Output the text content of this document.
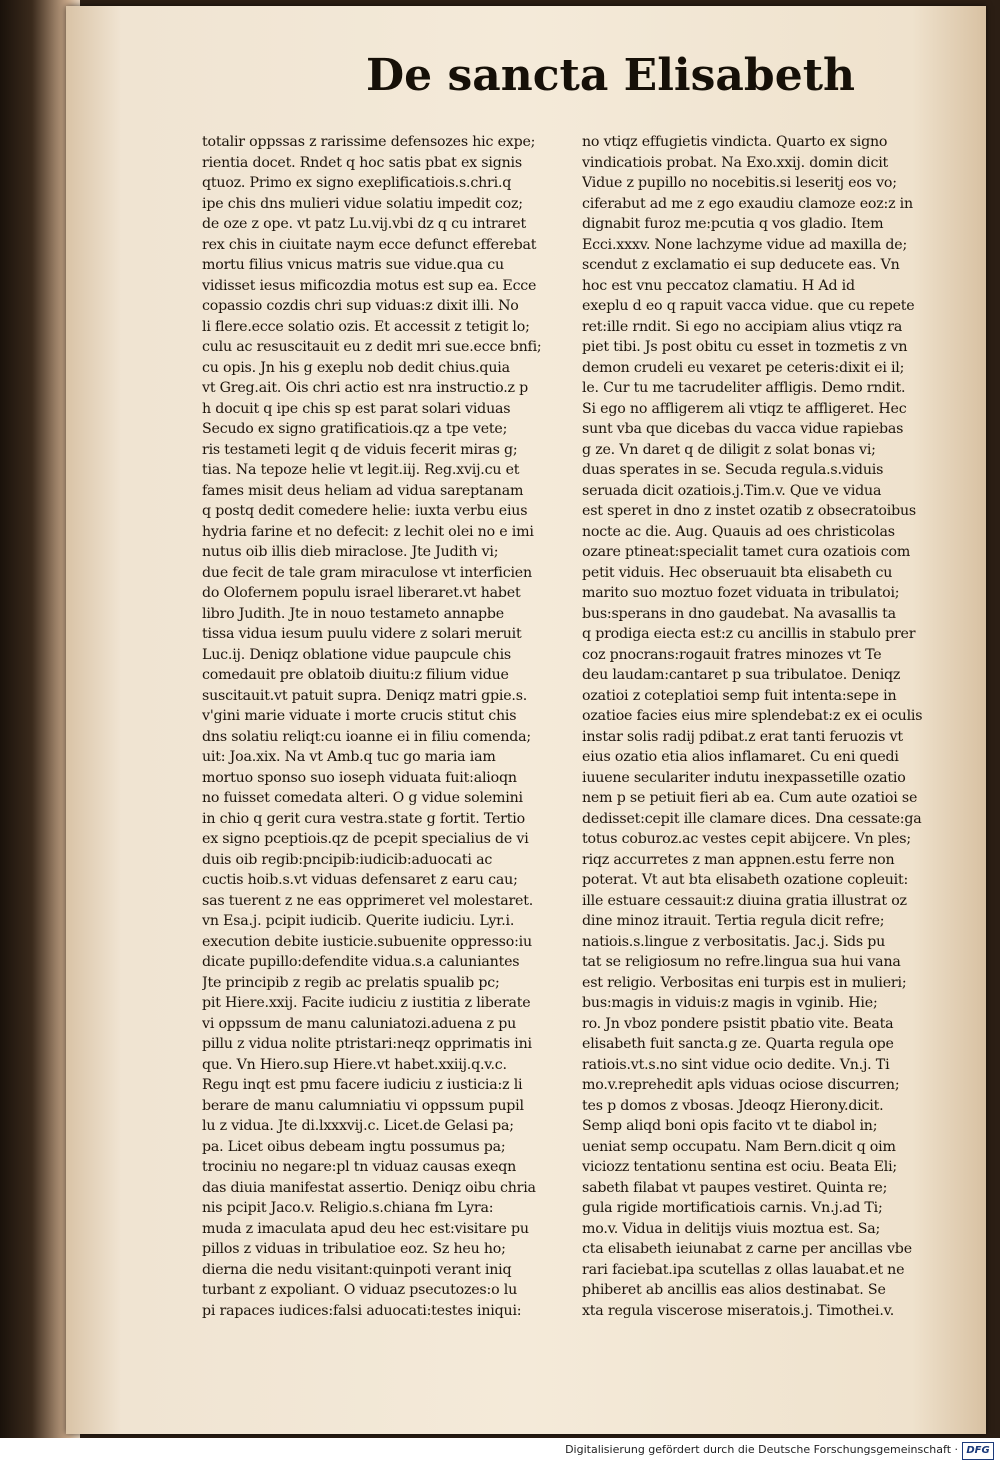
De sancta Elisabeth
totalir oppssas z rarissime defensozes hic expe;
rientia docet. Rndet q hoc satis pbat ex signis
qtuoz. Primo ex signo exeplificatiois.s.chri.q
ipe chis dns mulieri vidue solatiu impedit coz;
de oze z ope. vt patz Lu.vij.vbi dz q cu intraret
rex chis in ciuitate naym ecce defunct efferebat
mortu filius vnicus matris sue vidue.qua cu
vidisset iesus mificozdia motus est sup ea. Ecce
copassio cozdis chri sup viduas:z dixit illi. No
li flere.ecce solatio ozis. Et accessit z tetigit lo;
culu ac resuscitauit eu z dedit mri sue.ecce bnfi;
cu opis. Jn his g exeplu nob dedit chius.quia
vt Greg.ait. Ois chri actio est nra instructio.z p
h docuit q ipe chis sp est parat solari viduas
Secudo ex signo gratificatiois.qz a tpe vete;
ris testameti legit q de viduis fecerit miras g;
tias. Na tepoze helie vt legit.iij. Reg.xvij.cu et
fames misit deus heliam ad vidua sareptanam
q postq dedit comedere helie: iuxta verbu eius
hydria farine et no defecit: z lechit olei no e imi
nutus oib illis dieb miraclose. Jte Judith vi;
due fecit de tale gram miraculose vt interficien
do Olofernem populu israel liberaret.vt habet
libro Judith. Jte in nouo testameto annapbe
tissa vidua iesum puulu videre z solari meruit
Luc.ij. Deniqz oblatione vidue paupcule chis
comedauit pre oblatoib diuitu:z filium vidue
suscitauit.vt patuit supra. Deniqz matri gpie.s.
v'gini marie viduate i morte crucis stitut chis
dns solatiu reliqt:cu ioanne ei in filiu comenda;
uit: Joa.xix. Na vt Amb.q tuc go maria iam
mortuo sponso suo ioseph viduata fuit:alioqn
no fuisset comedata alteri. O g vidue solemini
in chio q gerit cura vestra.state g fortit. Tertio
ex signo pceptiois.qz de pcepit specialius de vi
duis oib regib:pncipib:iudicib:aduocati ac
cuctis hoib.s.vt viduas defensaret z earu cau;
sas tuerent z ne eas opprimeret vel molestaret.
vn Esa.j. pcipit iudicib. Querite iudiciu. Lyr.i.
execution debite iusticie.subuenite oppresso:iu
dicate pupillo:defendite vidua.s.a caluniantes
Jte principib z regib ac prelatis spualib pc;
pit Hiere.xxij. Facite iudiciu z iustitia z liberate
vi oppssum de manu caluniatozi.aduena z pu
pillu z vidua nolite ptristari:neqz opprimatis ini
que. Vn Hiero.sup Hiere.vt habet.xxiij.q.v.c.
Regu inqt est pmu facere iudiciu z iusticia:z li
berare de manu calumniatiu vi oppssum pupil
lu z vidua. Jte di.lxxxvij.c. Licet.de Gelasi pa;
pa. Licet oibus debeam ingtu possumus pa;
trociniu no negare:pl tn viduaz causas exeqn
das diuia manifestat assertio. Deniqz oibu chria
nis pcipit Jaco.v. Religio.s.chiana fm Lyra:
muda z imaculata apud deu hec est:visitare pu
pillos z viduas in tribulatioe eoz. Sz heu ho;
dierna die nedu visitant:quinpoti verant iniq
turbant z expoliant. O viduaz psecutozes:o lu
pi rapaces iudices:falsi aduocati:testes iniqui:
no vtiqz effugietis vindicta. Quarto ex signo
vindicatiois probat. Na Exo.xxij. domin dicit
Vidue z pupillo no nocebitis.si leseritj eos vo;
ciferabut ad me z ego exaudiu clamoze eoz:z in
dignabit furoz me:pcutia q vos gladio. Item
Ecci.xxxv. None lachzyme vidue ad maxilla de;
scendut z exclamatio ei sup deducete eas. Vn
hoc est vnu peccatoz clamatiu. H Ad id
exeplu d eo q rapuit vacca vidue. que cu repete
ret:ille rndit. Si ego no accipiam alius vtiqz ra
piet tibi. Js post obitu cu esset in tozmetis z vn
demon crudeli eu vexaret pe ceteris:dixit ei il;
le. Cur tu me tacrudeliter affligis. Demo rndit.
Si ego no affligerem ali vtiqz te affligeret. Hec
sunt vba que dicebas du vacca vidue rapiebas
g ze. Vn daret q de diligit z solat bonas vi;
duas sperates in se. Secuda regula.s.viduis
seruada dicit ozatiois.j.Tim.v. Que ve vidua
est speret in dno z instet ozatib z obsecratoibus
nocte ac die. Aug. Quauis ad oes christicolas
ozare ptineat:specialit tamet cura ozatiois com
petit viduis. Hec obseruauit bta elisabeth cu
marito suo moztuo fozet viduata in tribulatoi;
bus:sperans in dno gaudebat. Na avasallis ta
q prodiga eiecta est:z cu ancillis in stabulo prer
coz pnocrans:rogauit fratres minozes vt Te
deu laudam:cantaret p sua tribulatoe. Deniqz
ozatioi z coteplatioi semp fuit intenta:sepe in
ozatioe facies eius mire splendebat:z ex ei oculis
instar solis radij pdibat.z erat tanti feruozis vt
eius ozatio etia alios inflamaret. Cu eni quedi
iuuene seculariter indutu inexpassetille ozatio
nem p se petiuit fieri ab ea. Cum aute ozatioi se
dedisset:cepit ille clamare dices. Dna cessate:ga
totus coburoz.ac vestes cepit abijcere. Vn ples;
riqz accurretes z man appnen.estu ferre non
poterat. Vt aut bta elisabeth ozatione copleuit:
ille estuare cessauit:z diuina gratia illustrat oz
dine minoz itrauit. Tertia regula dicit refre;
natiois.s.lingue z verbositatis. Jac.j. Sids pu
tat se religiosum no refre.lingua sua hui vana
est religio. Verbositas eni turpis est in mulieri;
bus:magis in viduis:z magis in vginib. Hie;
ro. Jn vboz pondere psistit pbatio vite. Beata
elisabeth fuit sancta.g ze. Quarta regula ope
ratiois.vt.s.no sint vidue ocio dedite. Vn.j. Ti
mo.v.reprehedit apls viduas ociose discurren;
tes p domos z vbosas. Jdeoqz Hierony.dicit.
Semp aliqd boni opis facito vt te diabol in;
ueniat semp occupatu. Nam Bern.dicit q oim
viciozz tentationu sentina est ociu. Beata Eli;
sabeth filabat vt paupes vestiret. Quinta re;
gula rigide mortificatiois carnis. Vn.j.ad Ti;
mo.v. Vidua in delitijs viuis moztua est. Sa;
cta elisabeth ieiunabat z carne per ancillas vbe
rari faciebat.ipa scutellas z ollas lauabat.et ne
phiberet ab ancillis eas alios destinabat. Se
xta regula viscerose miseratois.j. Timothei.v.
Digitalisierung gefördert durch die Deutsche Forschungsgemeinschaft · DFG
